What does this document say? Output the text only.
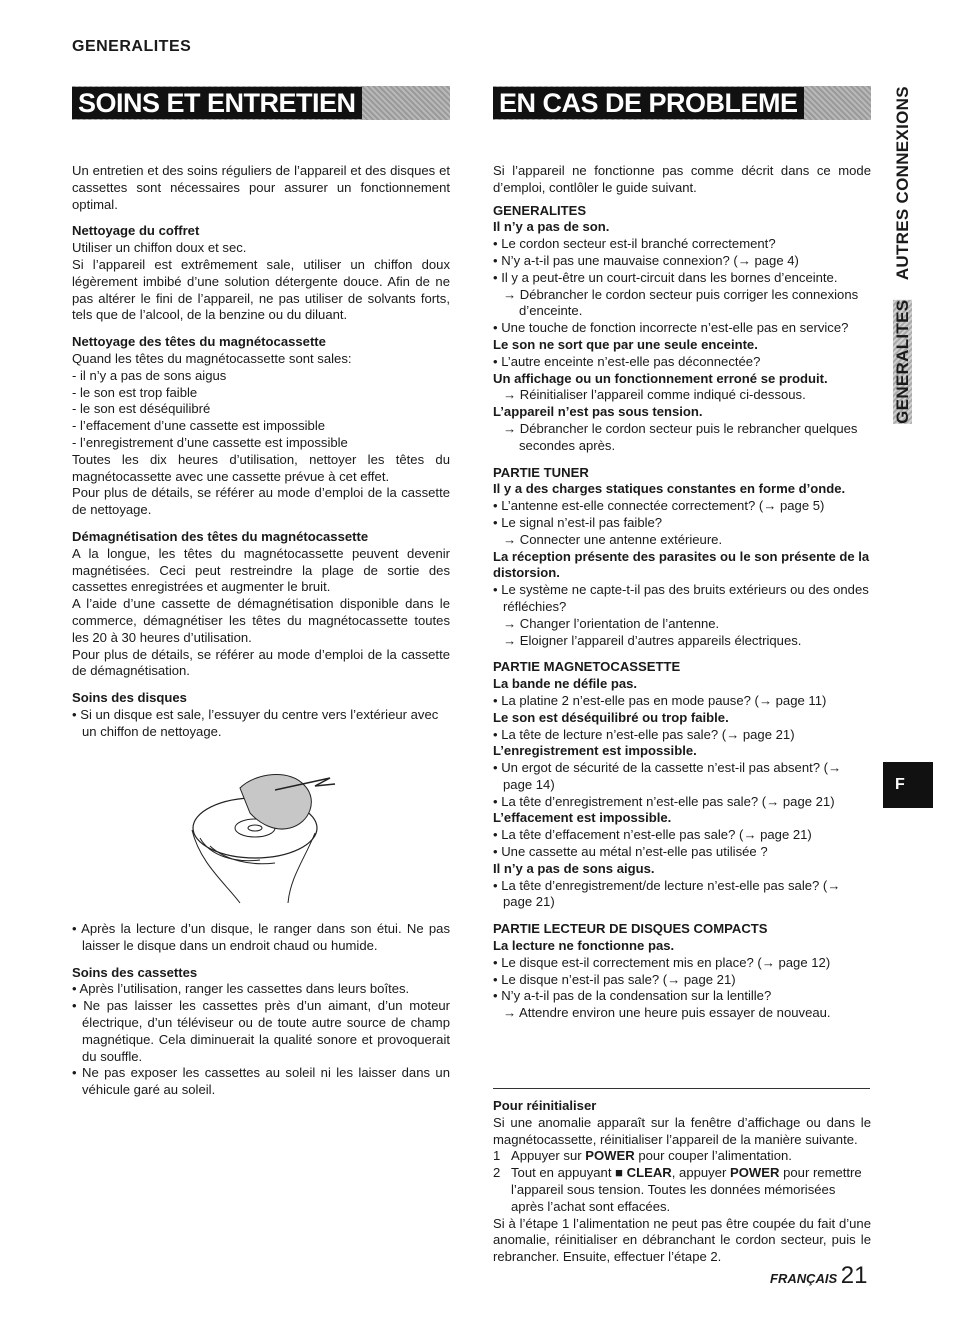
GENERALITES
SOINS ET ENTRETIEN

Un entretien et des soins réguliers de l’appareil et des disques et cassettes sont nécessaires pour assurer un fonctionnement optimal.

Nettoyage du coffret

Utiliser un chiffon doux et sec.

Si l’appareil est extrêmement sale, utiliser un chiffon doux légèrement imbibé d’une solution détergente douce. Afin de ne pas altérer le fini de l’appareil, ne pas utiliser de solvants forts, tels que de l’alcool, de la benzine ou du diluant.

Nettoyage des têtes du magnétocassette

Quand les têtes du magnétocassette sont sales:

- il n’y a pas de sons aigus

- le son est trop faible

- le son est déséquilibré

- l’effacement d’une cassette est impossible

- l’enregistrement d’une cassette est impossible

Toutes les dix heures d’utilisation, nettoyer les têtes du magnétocassette avec une cassette prévue à cet effet.

Pour plus de détails, se référer au mode d’emploi de la cassette de nettoyage.

Démagnétisation des têtes du magnétocassette

A la longue, les têtes du magnétocassette peuvent devenir magnétisées. Ceci peut restreindre la plage de sortie des cassettes enregistrées et augmenter le bruit.

A l’aide d’une cassette de démagnétisation disponible dans le commerce, démagnétiser les têtes du magnétocassette toutes les 20 à 30 heures d’utilisation.

Pour plus de détails, se référer au mode d’emploi de la cassette de démagnétisation.

Soins des disques

• Si un disque est sale, l’essuyer du centre vers l’extérieur avec un chiffon de nettoyage.

• Après la lecture d’un disque, le ranger dans son étui. Ne pas laisser le disque dans un endroit chaud ou humide.

Soins des cassettes

• Après l’utilisation, ranger les cassettes dans leurs boîtes.

• Ne pas laisser les cassettes près d’un aimant, d’un moteur électrique, d’un téléviseur ou de toute autre source de champ magnétique. Cela diminuerait la qualité sonore et provoquerait du souffle.

• Ne pas exposer les cassettes au soleil ni les laisser dans un véhicule garé au soleil.

EN CAS DE PROBLEME

Si l’appareil ne fonctionne pas comme décrit dans ce mode d’emploi, contlôler le guide suivant.

GENERALITES

Il n’y a pas de son.

• Le cordon secteur est-il branché correctement?

• N’y a-t-il pas une mauvaise connexion? (→ page 4)

• Il y a peut-être un court-circuit dans les bornes d’enceinte.

→ Débrancher le cordon secteur puis corriger les connexions d’enceinte.

• Une touche de fonction incorrecte n’est-elle pas en service?

Le son ne sort que par une seule enceinte.

• L’autre enceinte n’est-elle pas déconnectée?

Un affichage ou un fonctionnement erroné se produit.

→ Réinitialiser l’appareil comme indiqué ci-dessous.

L’appareil n’est pas sous tension.

→ Débrancher le cordon secteur puis le rebrancher quelques secondes après.

PARTIE TUNER

Il y a des charges statiques constantes en forme d’onde.

• L’antenne est-elle connectée correctement? (→ page 5)

• Le signal n’est-il pas faible?

→ Connecter une antenne extérieure.

La réception présente des parasites ou le son présente de la distorsion.

• Le système ne capte-t-il pas des bruits extérieurs ou des ondes réfléchies?

→ Changer l’orientation de l’antenne.

→ Eloigner l’appareil d’autres appareils électriques.

PARTIE MAGNETOCASSETTE

La bande ne défile pas.

• La platine 2 n’est-elle pas en mode pause? (→ page 11)

Le son est déséquilibré ou trop faible.

• La tête de lecture n’est-elle pas sale? (→ page 21)

L’enregistrement est impossible.

• Un ergot de sécurité de la cassette n’est-il pas absent? (→ page 14)

• La tête d’enregistrement n’est-elle pas sale? (→ page 21)

L’effacement est impossible.

• La tête d’effacement n’est-elle pas sale? (→ page 21)

• Une cassette au métal n’est-elle pas utilisée ?

Il n’y a pas de sons aigus.

• La tête d’enregistrement/de lecture n’est-elle pas sale? (→ page 21)

PARTIE LECTEUR DE DISQUES COMPACTS

La lecture ne fonctionne pas.

• Le disque est-il correctement mis en place? (→ page 12)

• Le disque n’est-il pas sale? (→ page 21)

• N’y a-t-il pas de la condensation sur la lentille?

→ Attendre environ une heure puis essayer de nouveau.

Pour réinitialiser

Si une anomalie apparaît sur la fenêtre d’affichage ou dans le magnétocassette, réinitialiser l’appareil de la manière suivante.

1 Appuyer sur POWER pour couper l’alimentation.

2 Tout en appuyant ■ CLEAR, appuyer POWER pour remettre l’appareil sous tension. Toutes les données mémorisées après l’achat sont effacées.

Si à l’étape 1 l’alimentation ne peut pas être coupée du fait d’une anomalie, réinitialiser en débranchant le cordon secteur, puis le rebrancher. Ensuite, effectuer l’étape 2.

GENERALITES    AUTRES CONNEXIONS
F
FRANÇAIS 21
